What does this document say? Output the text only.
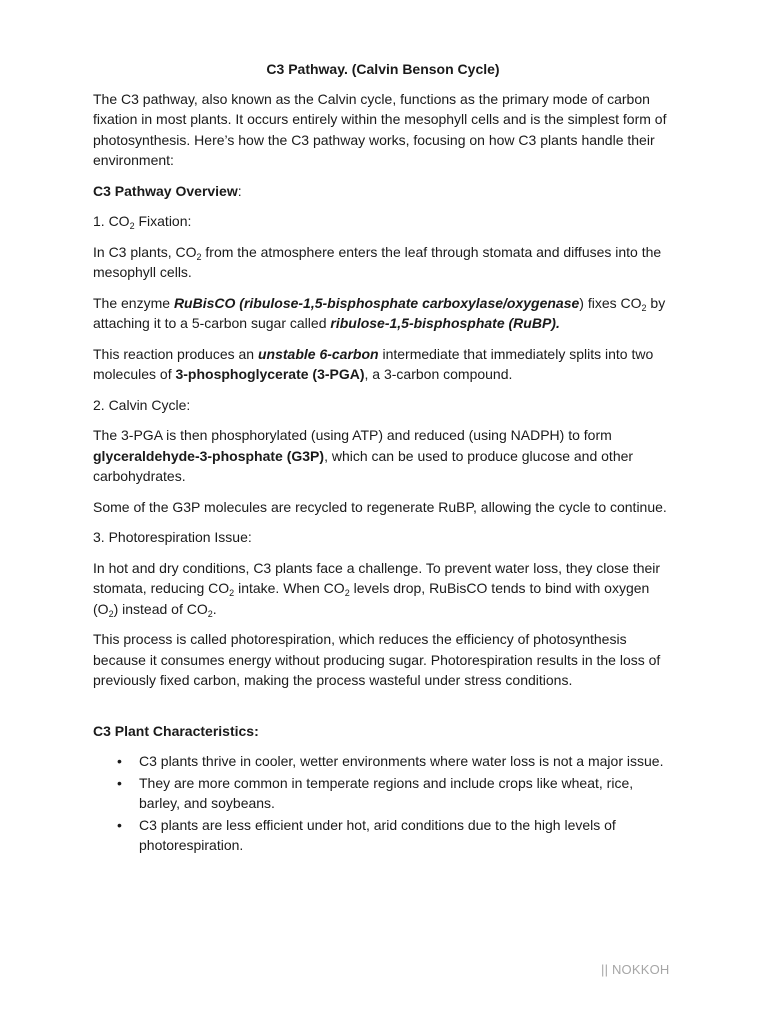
C3 Pathway. (Calvin Benson Cycle)

The C3 pathway, also known as the Calvin cycle, functions as the primary mode of carbon fixation in most plants. It occurs entirely within the mesophyll cells and is the simplest form of photosynthesis. Here’s how the C3 pathway works, focusing on how C3 plants handle their environment:

C3 Pathway Overview:

1. $CO_2$ Fixation:

In C3 plants, $CO_2$ from the atmosphere enters the leaf through stomata and diffuses into the mesophyll cells.

The enzyme RuBisCO (ribulose-1,5-bisphosphate carboxylase/oxygenase) fixes $CO_2$ by attaching it to a 5-carbon sugar called ribulose-1,5-bisphosphate (RuBP).

This reaction produces an unstable 6-carbon intermediate that immediately splits into two molecules of 3-phosphoglycerate (3-PGA), a 3-carbon compound.

2. Calvin Cycle:

The 3-PGA is then phosphorylated (using ATP) and reduced (using NADPH) to form glyceraldehyde-3-phosphate (G3P), which can be used to produce glucose and other carbohydrates.

Some of the G3P molecules are recycled to regenerate RuBP, allowing the cycle to continue.

3. Photorespiration Issue:

In hot and dry conditions, C3 plants face a challenge. To prevent water loss, they close their stomata, reducing $CO_2$ intake. When $CO_2$ levels drop, RuBisCO tends to bind with oxygen $(O_2)$ instead of $CO_2$.

This process is called photorespiration, which reduces the efficiency of photosynthesis because it consumes energy without producing sugar. Photorespiration results in the loss of previously fixed carbon, making the process wasteful under stress conditions.

C3 Plant Characteristics:

• C3 plants thrive in cooler, wetter environments where water loss is not a major issue.
• They are more common in temperate regions and include crops like wheat, rice, barley, and soybeans.
• C3 plants are less efficient under hot, arid conditions due to the high levels of photorespiration.
|| NOKKOH
